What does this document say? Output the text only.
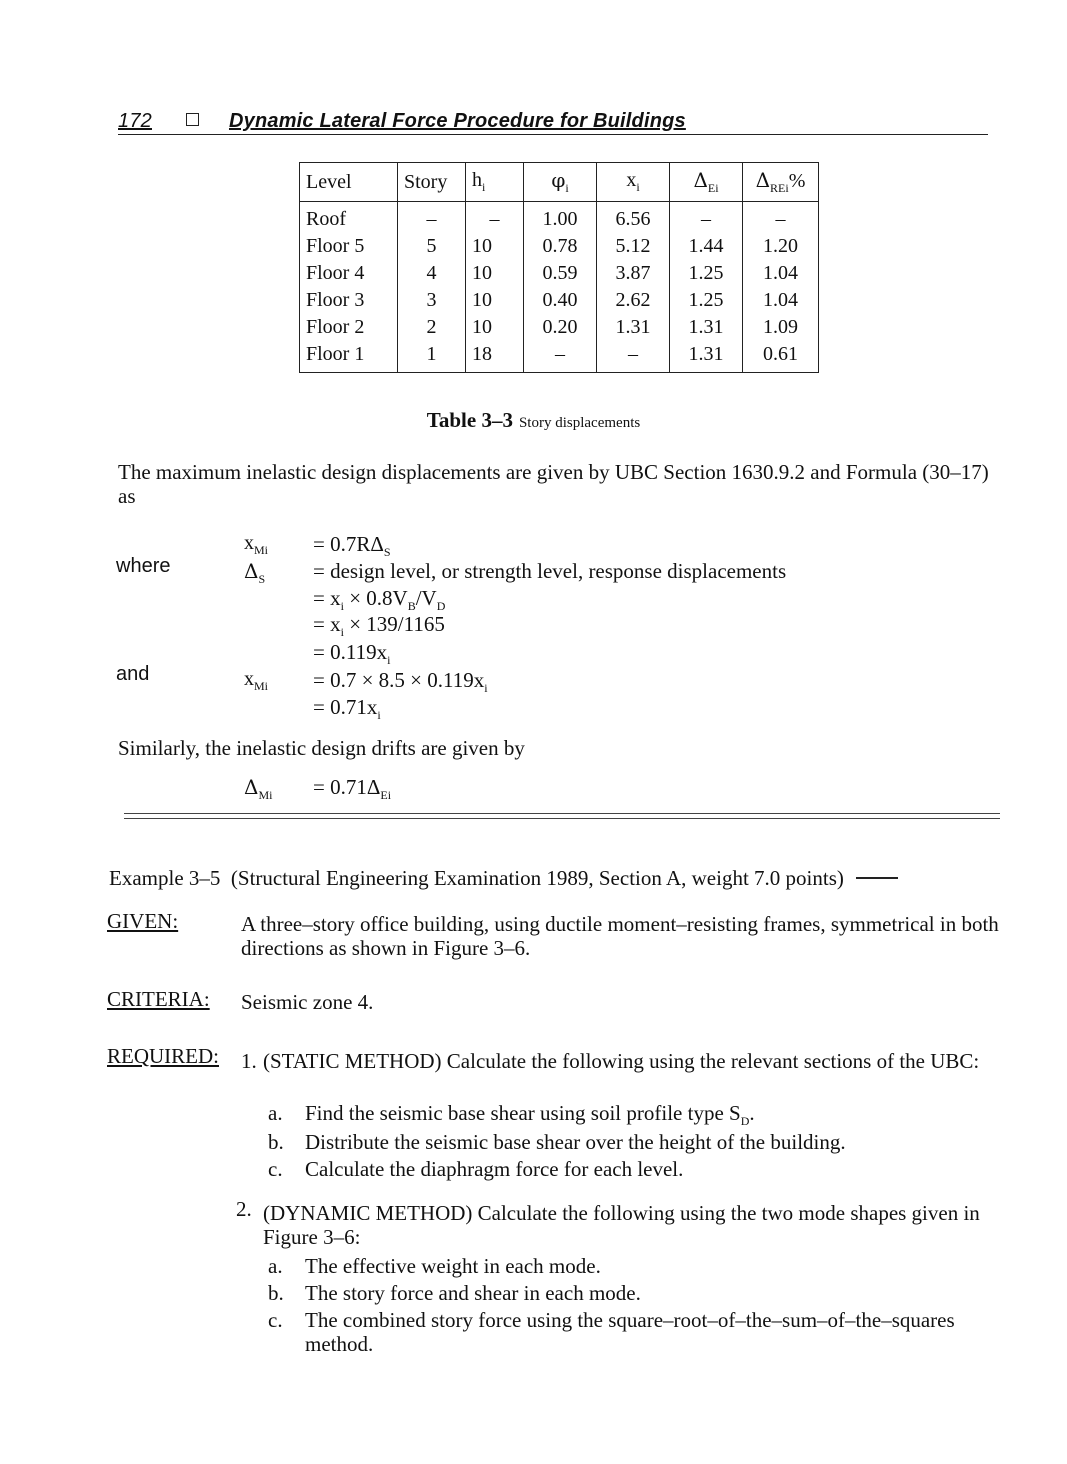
172	Dynamic Lateral Force Procedure for Buildings
Level	Story	$h_i$	$\varphi_i$	$x_i$	$\Delta_{Ei}$	$\Delta_{REi}\%$
Roof	–	–	1.00	6.56	–	–
Floor 5	5	10	0.78	5.12	1.44	1.20
Floor 4	4	10	0.59	3.87	1.25	1.04
Floor 3	3	10	0.40	2.62	1.25	1.04
Floor 2	2	10	0.20	1.31	1.31	1.09
Floor 1	1	18	–	–	1.31	0.61
Table 3–3 Story displacements
The maximum inelastic design displacements are given by UBC Section 1630.9.2 and Formula (30–17) as
$x_{Mi} = 0.7R\Delta_S$
where	$\Delta_S$ = design level, or strength level, response displacements
= $x_i \times 0.8V_B/V_D$
= $x_i \times 139/1165$
= $0.119x_i$
and	$x_{Mi} = 0.7 \times 8.5 \times 0.119x_i$
= $0.71x_i$
Similarly, the inelastic design drifts are given by
$\Delta_{Mi} = 0.71\Delta_{Ei}$
Example 3–5 (Structural Engineering Examination 1989, Section A, weight 7.0 points)
GIVEN:	A three–story office building, using ductile moment–resisting frames, symmetrical in both directions as shown in Figure 3–6.
CRITERIA: Seismic zone 4.
REQUIRED: 1. (STATIC METHOD) Calculate the following using the relevant sections of the UBC:
a. Find the seismic base shear using soil profile type $S_D$.
b. Distribute the seismic base shear over the height of the building.
c. Calculate the diaphragm force for each level.
2. (DYNAMIC METHOD) Calculate the following using the two mode shapes given in Figure 3–6:
a. The effective weight in each mode.
b. The story force and shear in each mode.
c. The combined story force using the square–root–of–the–sum–of–the–squares method.
